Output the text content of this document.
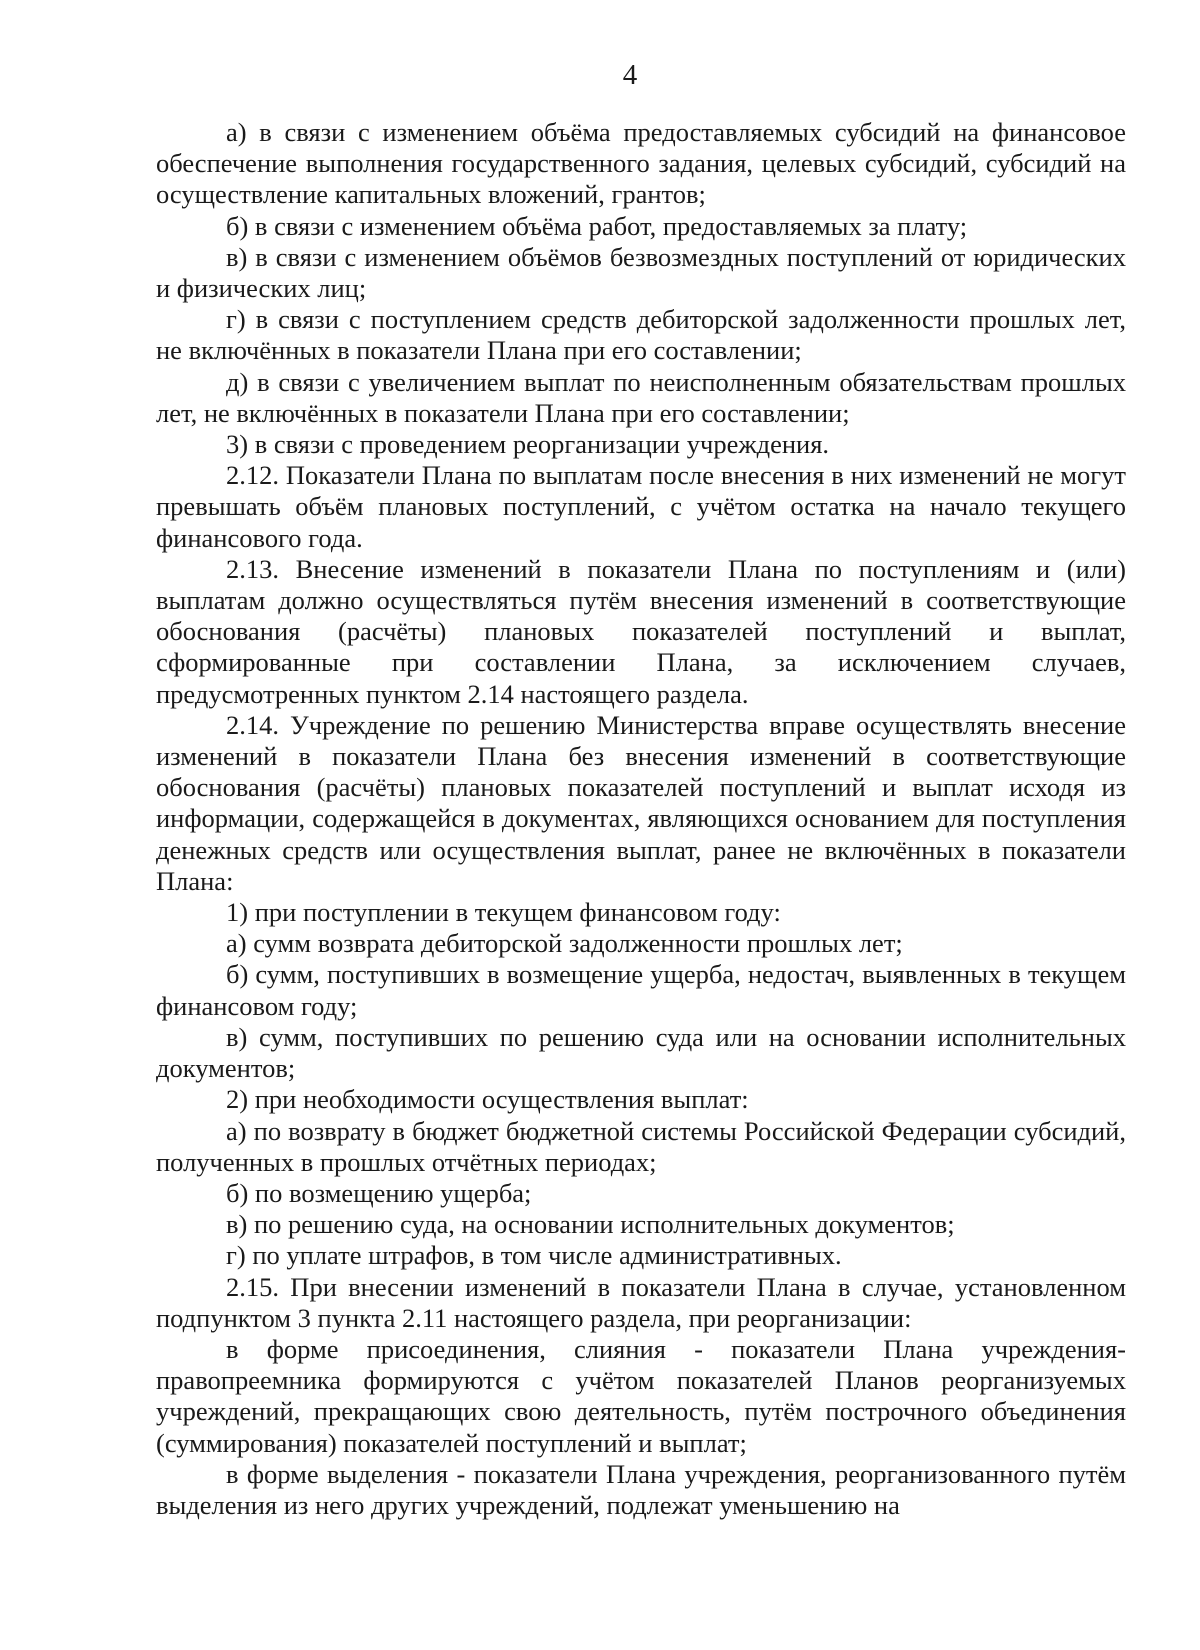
4

а) в связи с изменением объёма предоставляемых субсидий на финансовое обеспечение выполнения государственного задания, целевых субсидий, субсидий на осуществление капитальных вложений, грантов;

б) в связи с изменением объёма работ, предоставляемых за плату;

в) в связи с изменением объёмов безвозмездных поступлений от юридических и физических лиц;

г) в связи с поступлением средств дебиторской задолженности прошлых лет, не включённых в показатели Плана при его составлении;

д) в связи с увеличением выплат по неисполненным обязательствам прошлых лет, не включённых в показатели Плана при его составлении;

3) в связи с проведением реорганизации учреждения.

2.12. Показатели Плана по выплатам после внесения в них изменений не могут превышать объём плановых поступлений, с учётом остатка на начало текущего финансового года.

2.13. Внесение изменений в показатели Плана по поступлениям и (или) выплатам должно осуществляться путём внесения изменений в соответствующие обоснования (расчёты) плановых показателей поступлений и выплат, сформированные при составлении Плана, за исключением случаев, предусмотренных пунктом 2.14 настоящего раздела.

2.14. Учреждение по решению Министерства вправе осуществлять внесение изменений в показатели Плана без внесения изменений в соответствующие обоснования (расчёты) плановых показателей поступлений и выплат исходя из информации, содержащейся в документах, являющихся основанием для поступления денежных средств или осуществления выплат, ранее не включённых в показатели Плана:

1) при поступлении в текущем финансовом году:

а) сумм возврата дебиторской задолженности прошлых лет;

б) сумм, поступивших в возмещение ущерба, недостач, выявленных в текущем финансовом году;

в) сумм, поступивших по решению суда или на основании исполнительных документов;

2) при необходимости осуществления выплат:

а) по возврату в бюджет бюджетной системы Российской Федерации субсидий, полученных в прошлых отчётных периодах;

б) по возмещению ущерба;

в) по решению суда, на основании исполнительных документов;

г) по уплате штрафов, в том числе административных.

2.15. При внесении изменений в показатели Плана в случае, установленном подпунктом 3 пункта 2.11 настоящего раздела, при реорганизации:

в форме присоединения, слияния - показатели Плана учреждения-правопреемника формируются с учётом показателей Планов реорганизуемых учреждений, прекращающих свою деятельность, путём построчного объединения (суммирования) показателей поступлений и выплат;

в форме выделения - показатели Плана учреждения, реорганизованного путём выделения из него других учреждений, подлежат уменьшению на
